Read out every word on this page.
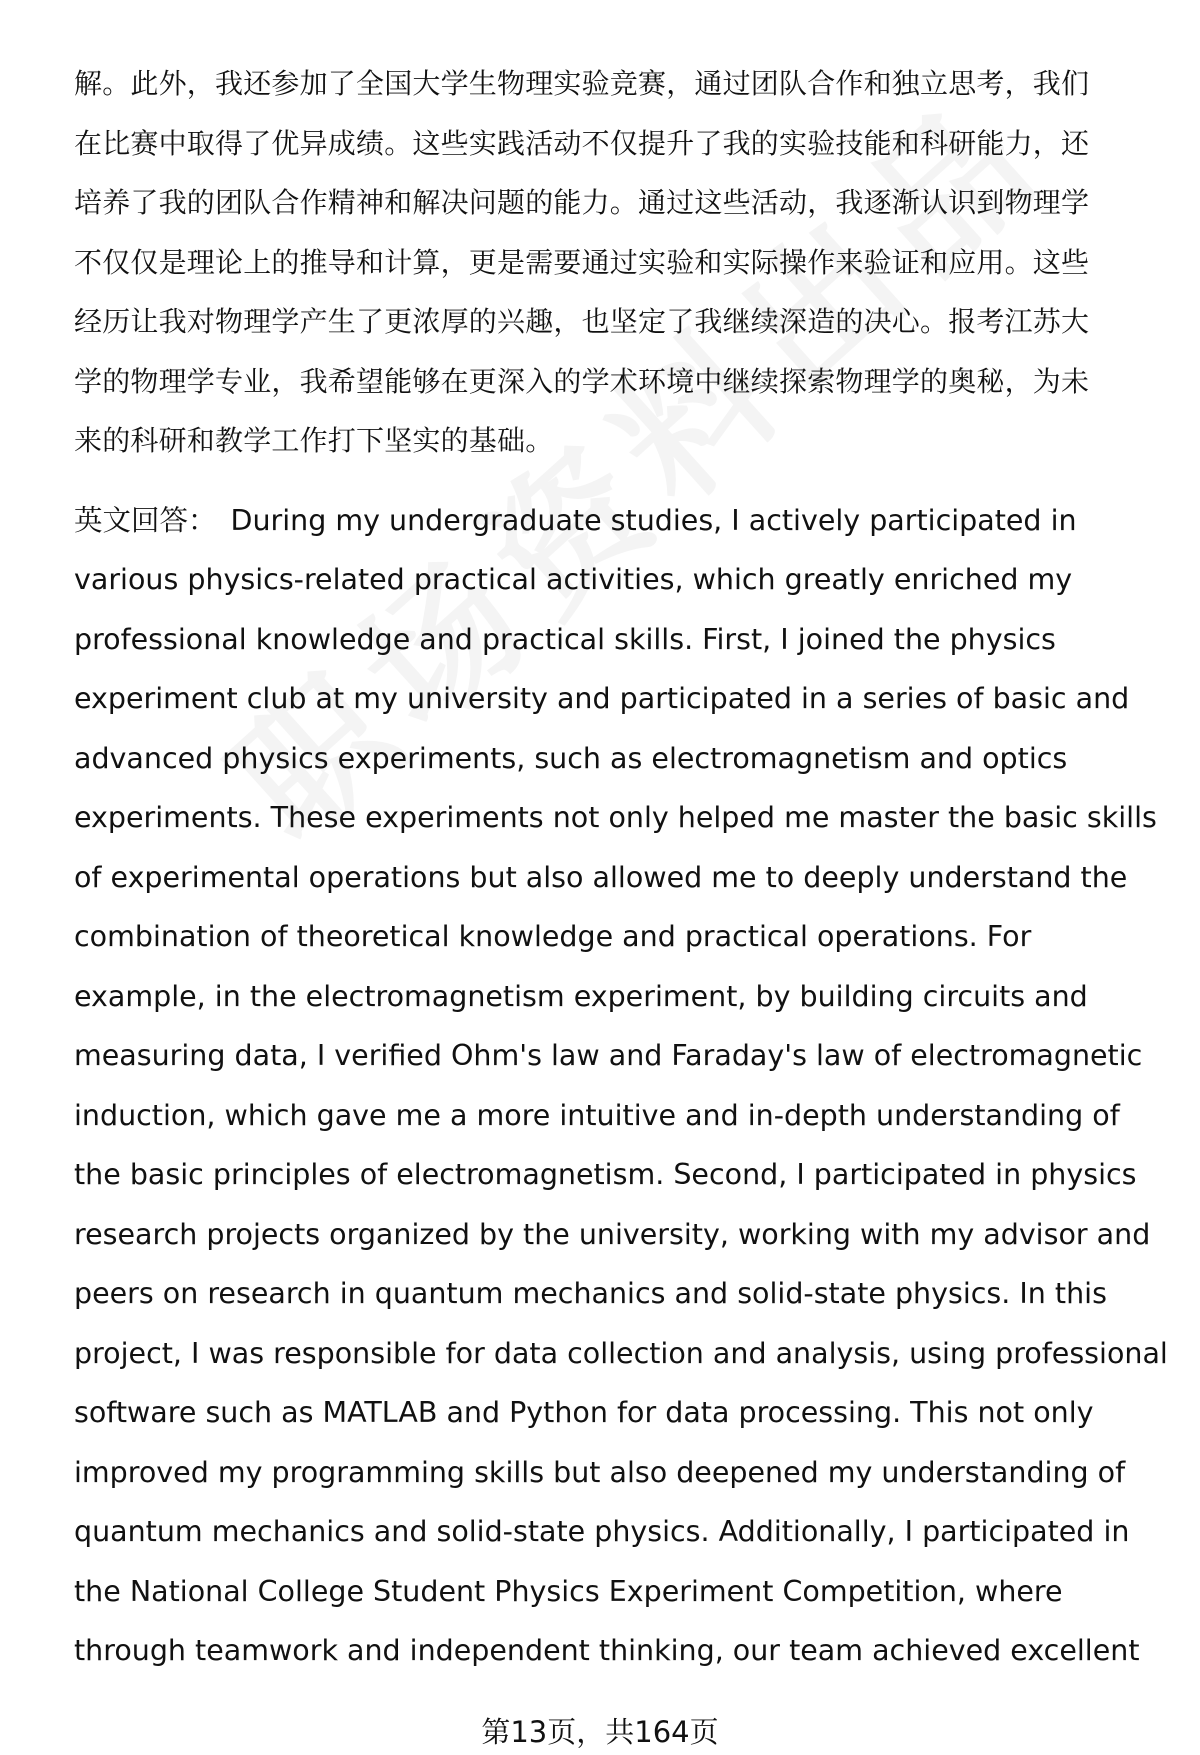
解。此外，我还参加了全国大学生物理实验竞赛，通过团队合作和独立思考，我们
在比赛中取得了优异成绩。这些实践活动不仅提升了我的实验技能和科研能力，还
培养了我的团队合作精神和解决问题的能力。通过这些活动，我逐渐认识到物理学
不仅仅是理论上的推导和计算，更是需要通过实验和实际操作来验证和应用。这些
经历让我对物理学产生了更浓厚的兴趣，也坚定了我继续深造的决心。报考江苏大
学的物理学专业，我希望能够在更深入的学术环境中继续探索物理学的奥秘，为未
来的科研和教学工作打下坚实的基础。

英文回答： During my undergraduate studies, I actively participated in
various physics-related practical activities, which greatly enriched my
professional knowledge and practical skills. First, I joined the physics
experiment club at my university and participated in a series of basic and
advanced physics experiments, such as electromagnetism and optics
experiments. These experiments not only helped me master the basic skills
of experimental operations but also allowed me to deeply understand the
combination of theoretical knowledge and practical operations. For
example, in the electromagnetism experiment, by building circuits and
measuring data, I verified Ohm's law and Faraday's law of electromagnetic
induction, which gave me a more intuitive and in-depth understanding of
the basic principles of electromagnetism. Second, I participated in physics
research projects organized by the university, working with my advisor and
peers on research in quantum mechanics and solid-state physics. In this
project, I was responsible for data collection and analysis, using professional
software such as MATLAB and Python for data processing. This not only
improved my programming skills but also deepened my understanding of
quantum mechanics and solid-state physics. Additionally, I participated in
the National College Student Physics Experiment Competition, where
through teamwork and independent thinking, our team achieved excellent

第13页，共164页
